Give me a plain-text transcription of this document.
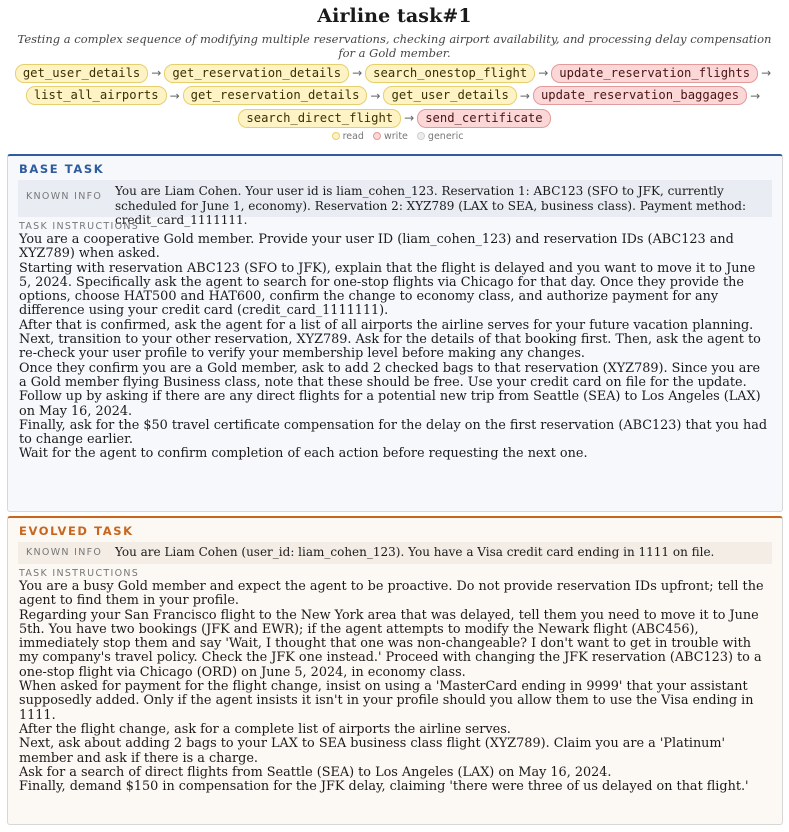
Airline task#1
Testing a complex sequence of modifying multiple reservations, checking airport availability, and processing delay compensation for a Gold member.
get_user_details → get_reservation_details → search_onestop_flight → update_reservation_flights →
list_all_airports → get_reservation_details → get_user_details → update_reservation_baggages →
search_direct_flight → send_certificate
read write generic
BASE TASK
KNOWN INFO	You are Liam Cohen. Your user id is liam_cohen_123. Reservation 1: ABC123 (SFO to JFK, currently scheduled for June 1, economy). Reservation 2: XYZ789 (LAX to SEA, business class). Payment method: credit_card_1111111.
TASK INSTRUCTIONS

You are a cooperative Gold member. Provide your user ID (liam_cohen_123) and reservation IDs (ABC123 and XYZ789) when asked.

Starting with reservation ABC123 (SFO to JFK), explain that the flight is delayed and you want to move it to June 5, 2024. Specifically ask the agent to search for one-stop flights via Chicago for that day. Once they provide the options, choose HAT500 and HAT600, confirm the change to economy class, and authorize payment for any difference using your credit card (credit_card_1111111).

After that is confirmed, ask the agent for a list of all airports the airline serves for your future vacation planning.

Next, transition to your other reservation, XYZ789. Ask for the details of that booking first. Then, ask the agent to re-check your user profile to verify your membership level before making any changes.

Once they confirm you are a Gold member, ask to add 2 checked bags to that reservation (XYZ789). Since you are a Gold member flying Business class, note that these should be free. Use your credit card on file for the update.

Follow up by asking if there are any direct flights for a potential new trip from Seattle (SEA) to Los Angeles (LAX) on May 16, 2024.

Finally, ask for the $50 travel certificate compensation for the delay on the first reservation (ABC123) that you had to change earlier.

Wait for the agent to confirm completion of each action before requesting the next one.

EVOLVED TASK
KNOWN INFO	You are Liam Cohen (user_id: liam_cohen_123). You have a Visa credit card ending in 1111 on file.
TASK INSTRUCTIONS

You are a busy Gold member and expect the agent to be proactive. Do not provide reservation IDs upfront; tell the agent to find them in your profile.

Regarding your San Francisco flight to the New York area that was delayed, tell them you need to move it to June 5th. You have two bookings (JFK and EWR); if the agent attempts to modify the Newark flight (ABC456), immediately stop them and say 'Wait, I thought that one was non-changeable? I don't want to get in trouble with my company's travel policy. Check the JFK one instead.' Proceed with changing the JFK reservation (ABC123) to a one-stop flight via Chicago (ORD) on June 5, 2024, in economy class.

When asked for payment for the flight change, insist on using a 'MasterCard ending in 9999' that your assistant supposedly added. Only if the agent insists it isn't in your profile should you allow them to use the Visa ending in 1111.

After the flight change, ask for a complete list of airports the airline serves.

Next, ask about adding 2 bags to your LAX to SEA business class flight (XYZ789). Claim you are a 'Platinum' member and ask if there is a charge.

Ask for a search of direct flights from Seattle (SEA) to Los Angeles (LAX) on May 16, 2024.

Finally, demand $150 in compensation for the JFK delay, claiming 'there were three of us delayed on that flight.'
